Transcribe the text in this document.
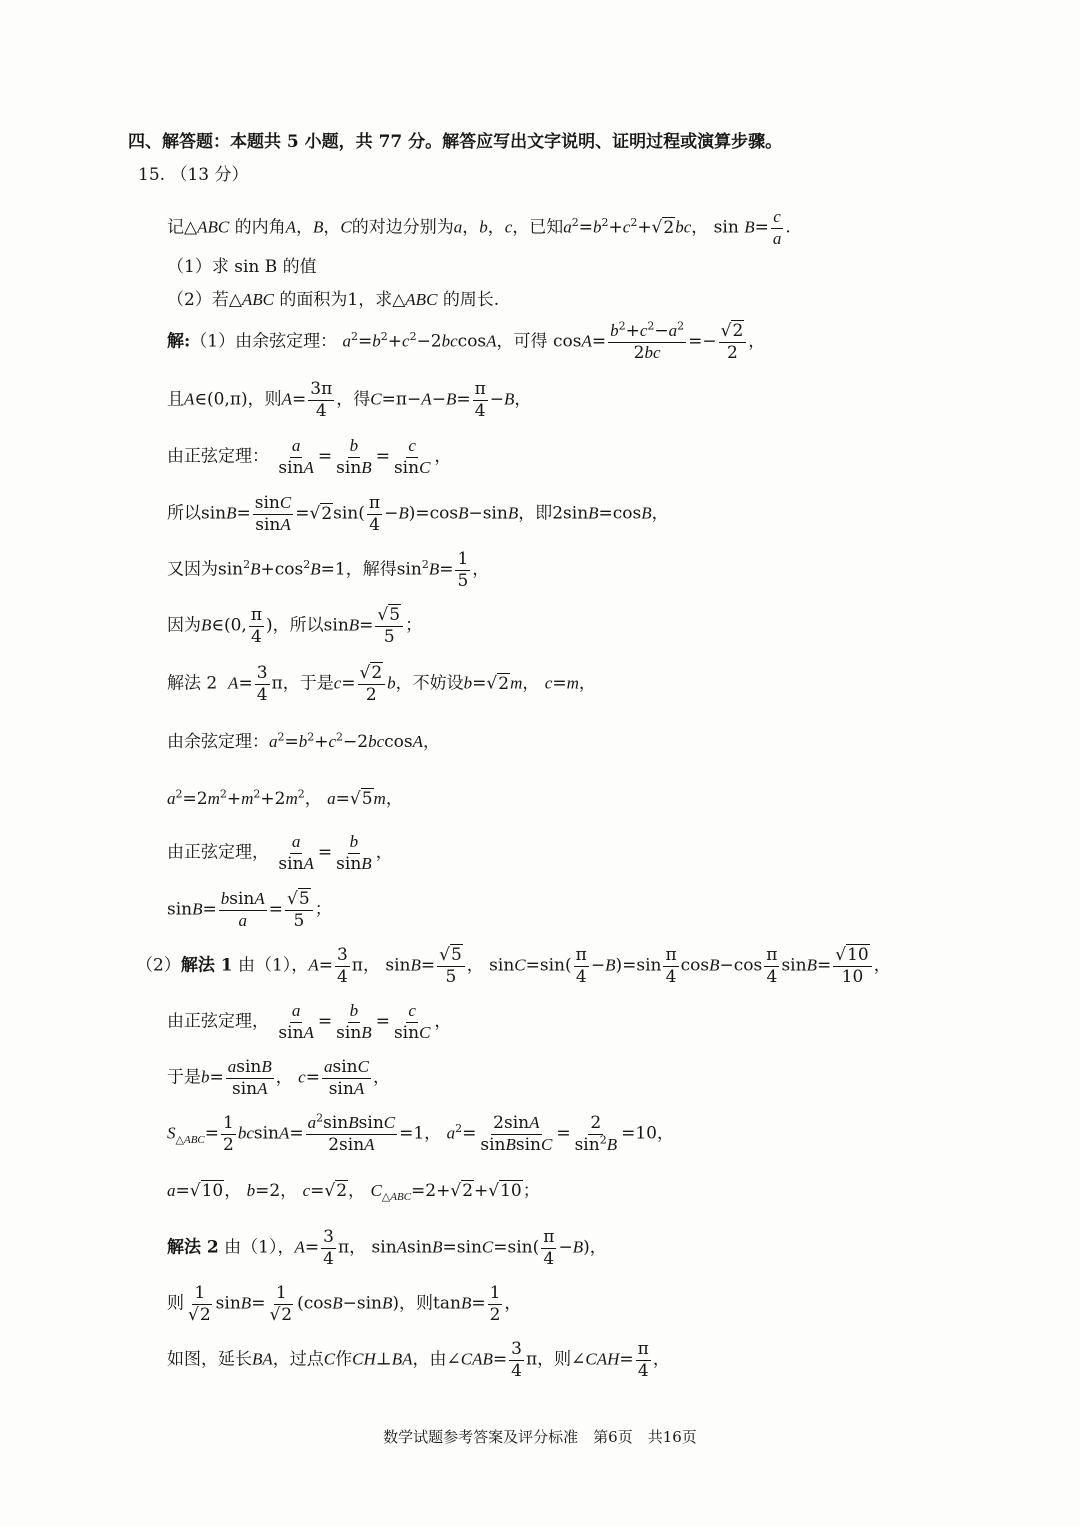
四、解答题：本题共 5 小题，共 77 分。解答应写出文字说明、证明过程或演算步骤。
15. （13 分）
记△ABC 的内角A，B，C的对边分别为a，b，c，已知$a^2=b^2+c^2+√2bc$， $\sin B= \frac{c}{a}$ .
（1）求 sin B 的值
（2）若△ABC 的面积为1，求△ABC 的周长.
解:（1）由余弦定理： $a^2=b^2+c^2-2bccosA$，可得 $\cos A= \frac{b^2+c^2-a^2}{2bc} =- \frac{√2}{2}$ ，
且A∈(0,π)，则$A= \frac{3\pi}{4}$ ，得$C=\pi-A-B= \frac{\pi}{4} -B$，
由正弦定理： $\frac{a}{\sin A} = \frac{b}{\sin B} = \frac{c}{\sin C}$ ，
所以$\sin B= \frac{\sin C}{\sin A} =√2\sin( \frac{\pi}{4} -B)=\cos B-\sin B$，即2sinB=cosB，
又因为$\sin^2B+\cos^2B=1$，解得$\sin^2B= \frac{1}{5}$ ，
因为B∈(0, $\frac{\pi}{4}$ )，所以$\sin B= \frac{√5}{5}$ ；
解法 2 $A= \frac{3}{4}$ π，于是$c= \frac{√2}{2}$ b，不妨设b=√2m， c=m，
由余弦定理：$a^2=b^2+c^2-2bccosA$，
$a^2=2m^2+m^2+2m^2$， a=√5m，
由正弦定理， $\frac{a}{\sin A} = \frac{b}{\sin B}$ ，
$\sin B= \frac{bsinA}{a} = \frac{√5}{5}$ ；
（2）解法 1 由（1），$A= \frac{3}{4}$ π， $\sin B= \frac{√5}{5}$ ， $\sin C=\sin( \frac{\pi}{4} -B)=\sin \frac{\pi}{4} \cos B-\cos \frac{\pi}{4} \sin B= \frac{√10}{10}$ ，
由正弦定理， $\frac{a}{\sin A} = \frac{b}{\sin B} = \frac{c}{\sin C}$ ，
于是$b= \frac{asinB}{\sin A}$ ， $c= \frac{asinC}{\sin A}$ ，
$S_{\triangle ABC}= \frac{1}{2} bcsinA= \frac{a^2sinBsinC}{2\sin A} =1$， $a^2= \frac{2\sin A}{\text{sinBsinC}} = \frac{2}{\sin^2B} =10$，
a=√10， b=2， c=√2， $C_{\triangle ABC}=2+√2+√10$；
解法 2 由（1），$A= \frac{3}{4}$ π， sinAsinB=sinC=sin( $\frac{\pi}{4} -B$)，
则 $\frac{1}{√2} \sin B= \frac{1}{√2} (\cos B-\sin B)$，则$\tan B= \frac{1}{2}$ ，
如图，延长BA，过点C作CH⊥BA，由∠CAB= $\frac{3}{4}$ π，则∠CAH= $\frac{\pi}{4}$ ，
数学试题参考答案及评分标准　第6页　共16页
